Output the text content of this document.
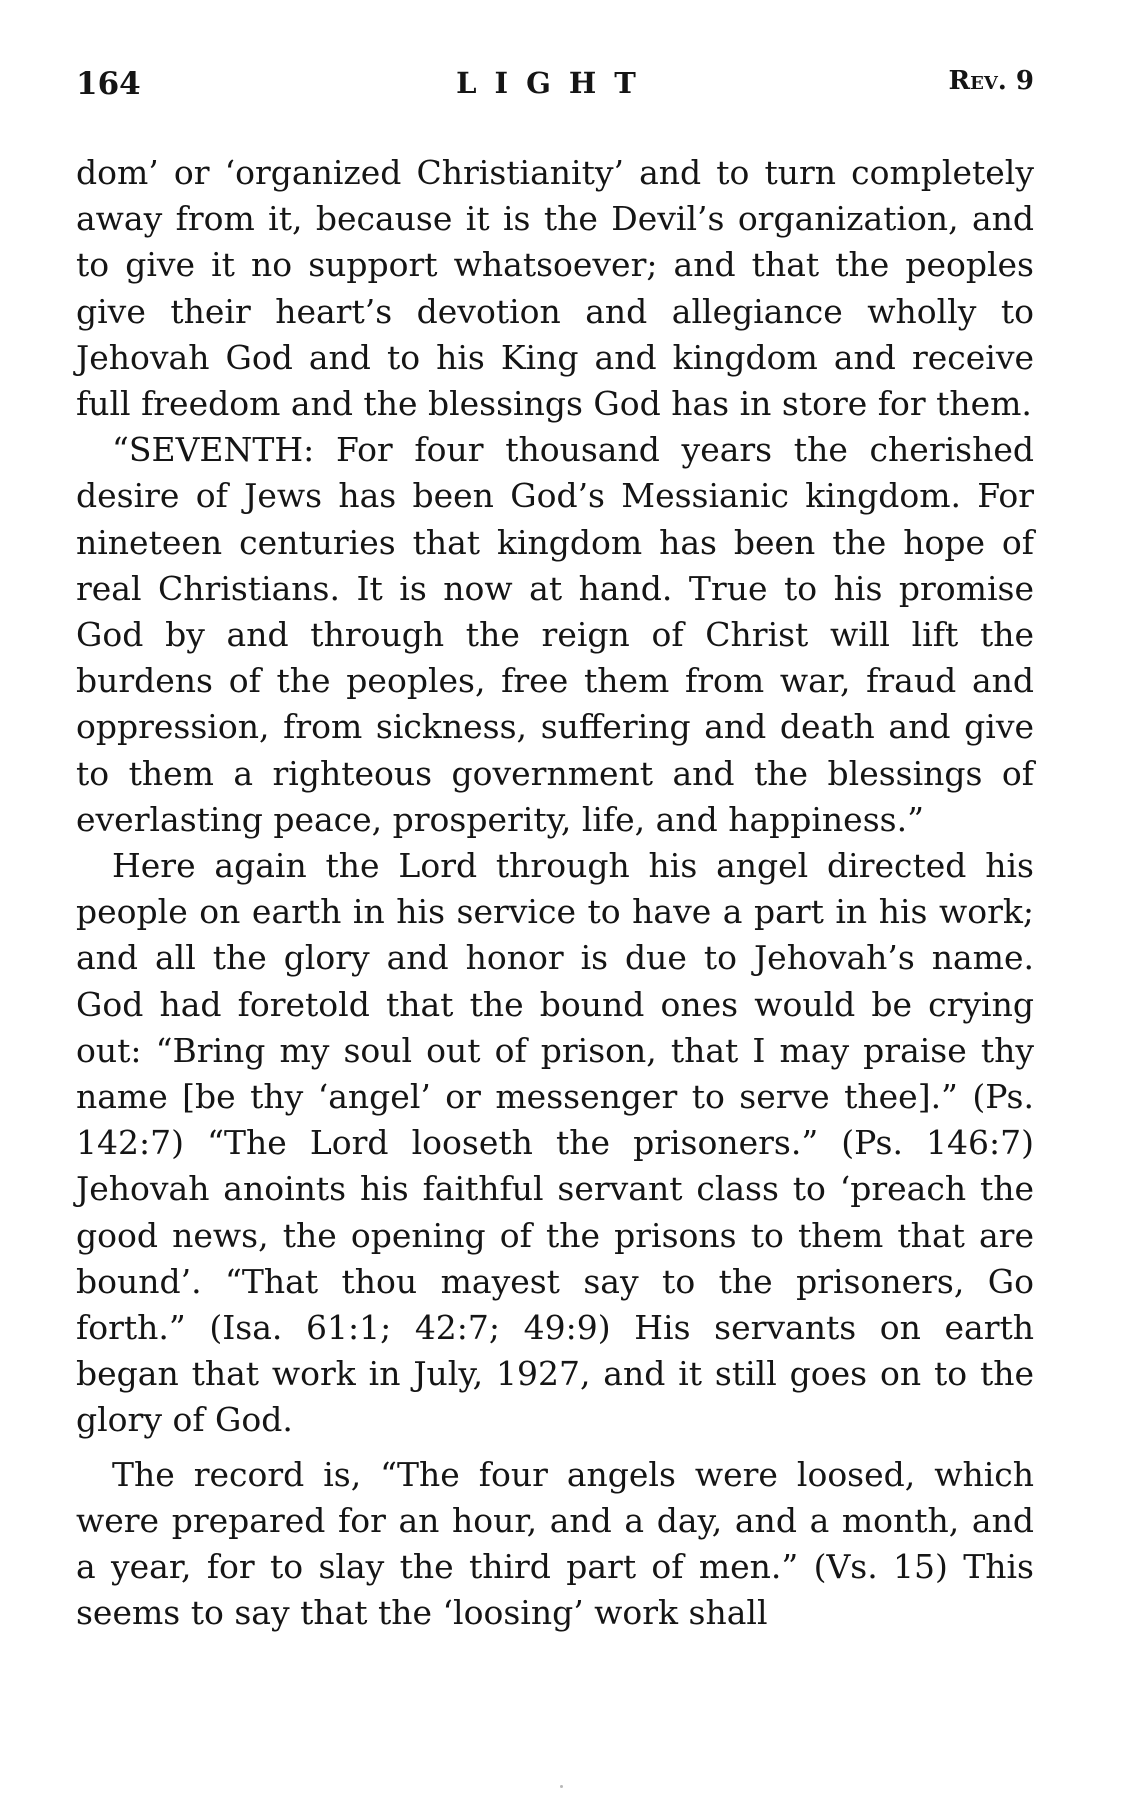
164	LIGHT	Rev. 9

dom’ or ‘organized Christianity’ and to turn completely away from it, because it is the Devil’s organization, and to give it no support whatsoever; and that the peoples give their heart’s devotion and allegiance wholly to Jehovah God and to his King and kingdom and receive full freedom and the blessings God has in store for them.

“SEVENTH: For four thousand years the cherished desire of Jews has been God’s Messianic kingdom. For nineteen centuries that kingdom has been the hope of real Christians. It is now at hand. True to his promise God by and through the reign of Christ will lift the burdens of the peoples, free them from war, fraud and oppression, from sickness, suffering and death and give to them a righteous government and the blessings of everlasting peace, prosperity, life, and happiness.”

Here again the Lord through his angel directed his people on earth in his service to have a part in his work; and all the glory and honor is due to Jehovah’s name. God had foretold that the bound ones would be crying out: “Bring my soul out of prison, that I may praise thy name [be thy ‘angel’ or messenger to serve thee].” (Ps. 142:7) “The Lord looseth the prisoners.” (Ps. 146:7) Jehovah anoints his faithful servant class to ‘preach the good news, the opening of the prisons to them that are bound’. “That thou mayest say to the prisoners, Go forth.” (Isa. 61:1; 42:7; 49:9) His servants on earth began that work in July, 1927, and it still goes on to the glory of God.

The record is, “The four angels were loosed, which were prepared for an hour, and a day, and a month, and a year, for to slay the third part of men.” (Vs. 15) This seems to say that the ‘loosing’ work shall
